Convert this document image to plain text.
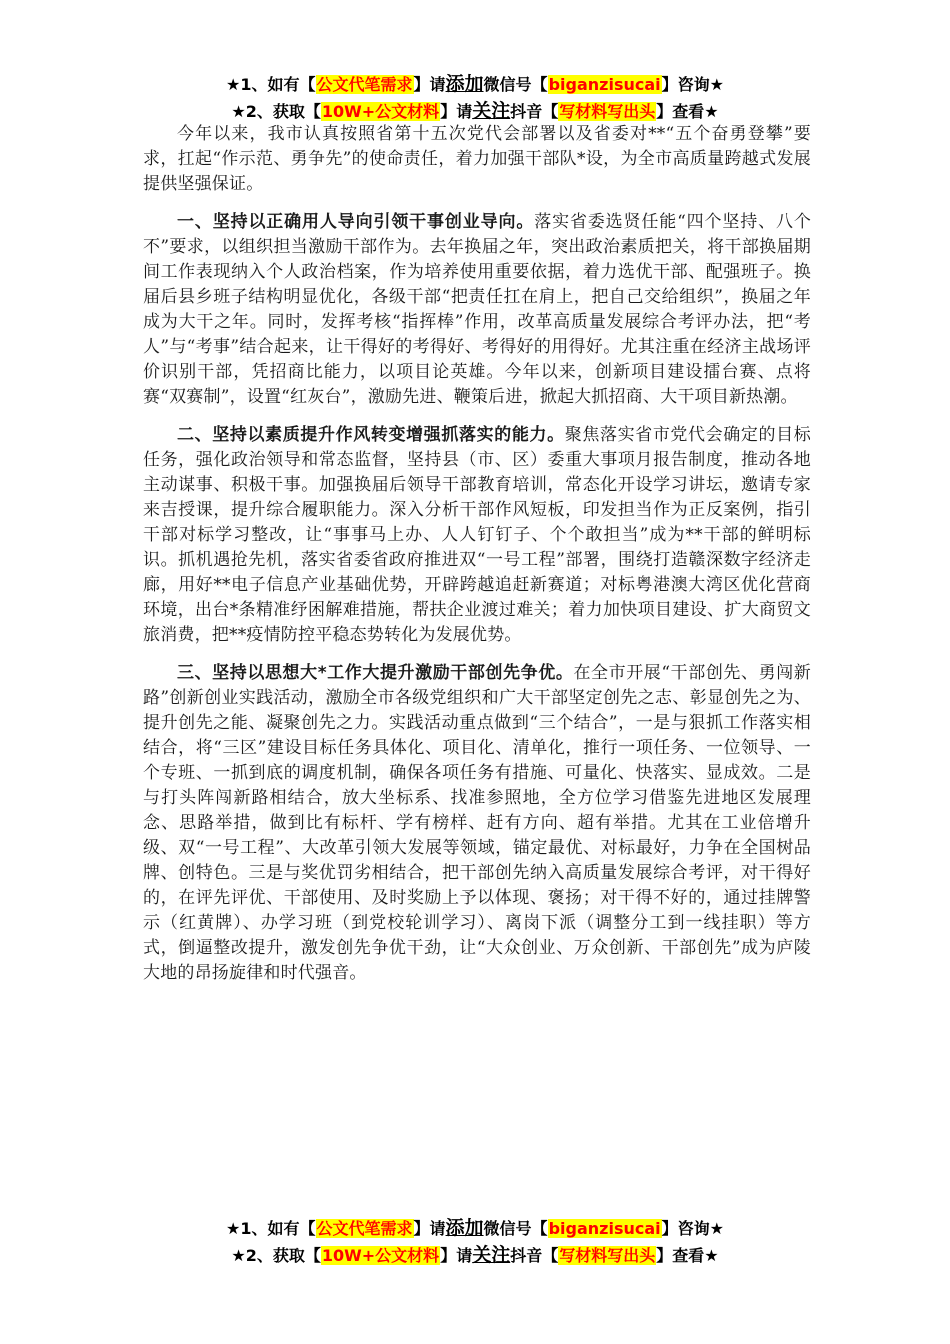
★1、如有【公文代笔需求】请添加微信号【biganzisucai】咨询★
★2、获取【10W+公文材料】请关注抖音【写材料写出头】查看★

今年以来，我市认真按照省第十五次党代会部署以及省委对**“五个奋勇登攀”要求，扛起“作示范、勇争先”的使命责任，着力加强干部队*设，为全市高质量跨越式发展提供坚强保证。

一、坚持以正确用人导向引领干事创业导向。落实省委选贤任能“四个坚持、八个不”要求，以组织担当激励干部作为。去年换届之年，突出政治素质把关，将干部换届期间工作表现纳入个人政治档案，作为培养使用重要依据，着力选优干部、配强班子。换届后县乡班子结构明显优化，各级干部“把责任扛在肩上，把自己交给组织”，换届之年成为大干之年。同时，发挥考核“指挥棒”作用，改革高质量发展综合考评办法，把“考人”与“考事”结合起来，让干得好的考得好、考得好的用得好。尤其注重在经济主战场评价识别干部，凭招商比能力，以项目论英雄。今年以来，创新项目建设擂台赛、点将赛“双赛制”，设置“红灰台”，激励先进、鞭策后进，掀起大抓招商、大干项目新热潮。

二、坚持以素质提升作风转变增强抓落实的能力。聚焦落实省市党代会确定的目标任务，强化政治领导和常态监督，坚持县（市、区）委重大事项月报告制度，推动各地主动谋事、积极干事。加强换届后领导干部教育培训，常态化开设学习讲坛，邀请专家来吉授课，提升综合履职能力。深入分析干部作风短板，印发担当作为正反案例，指引干部对标学习整改，让“事事马上办、人人钉钉子、个个敢担当”成为**干部的鲜明标识。抓机遇抢先机，落实省委省政府推进双“一号工程”部署，围绕打造赣深数字经济走廊，用好**电子信息产业基础优势，开辟跨越追赶新赛道；对标粤港澳大湾区优化营商环境，出台*条精准纾困解难措施，帮扶企业渡过难关；着力加快项目建设、扩大商贸文旅消费，把**疫情防控平稳态势转化为发展优势。

三、坚持以思想大*工作大提升激励干部创先争优。在全市开展“干部创先、勇闯新路”创新创业实践活动，激励全市各级党组织和广大干部坚定创先之志、彰显创先之为、提升创先之能、凝聚创先之力。实践活动重点做到“三个结合”，一是与狠抓工作落实相结合，将“三区”建设目标任务具体化、项目化、清单化，推行一项任务、一位领导、一个专班、一抓到底的调度机制，确保各项任务有措施、可量化、快落实、显成效。二是与打头阵闯新路相结合，放大坐标系、找准参照地，全方位学习借鉴先进地区发展理念、思路举措，做到比有标杆、学有榜样、赶有方向、超有举措。尤其在工业倍增升级、双“一号工程”、大改革引领大发展等领域，锚定最优、对标最好，力争在全国树品牌、创特色。三是与奖优罚劣相结合，把干部创先纳入高质量发展综合考评，对干得好的，在评先评优、干部使用、及时奖励上予以体现、褒扬；对干得不好的，通过挂牌警示（红黄牌）、办学习班（到党校轮训学习）、离岗下派（调整分工到一线挂职）等方式，倒逼整改提升，激发创先争优干劲，让“大众创业、万众创新、干部创先”成为庐陵大地的昂扬旋律和时代强音。

★1、如有【公文代笔需求】请添加微信号【biganzisucai】咨询★
★2、获取【10W+公文材料】请关注抖音【写材料写出头】查看★
